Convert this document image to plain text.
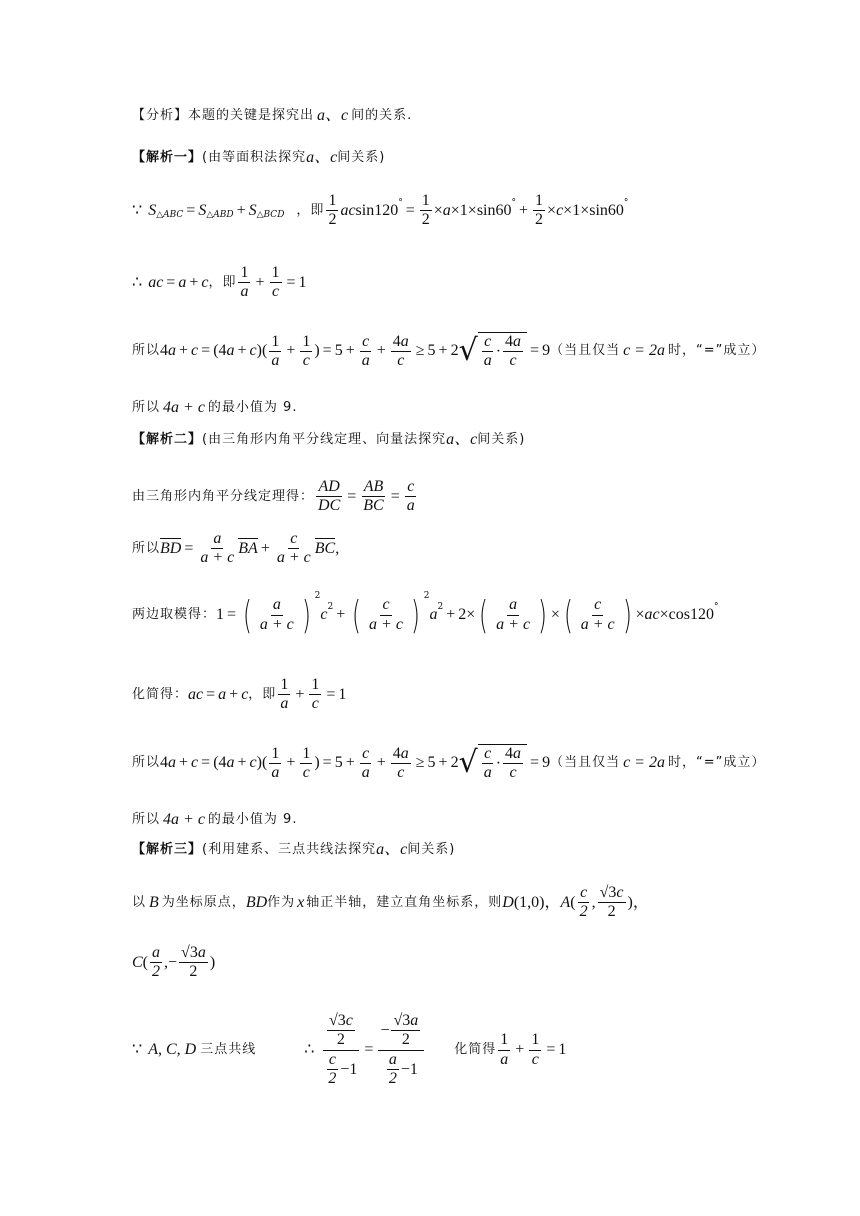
【分析】 本题的关键是探究出 a、c 间的关系.
【解析一】 (由等面积法探究 a、c 间关系)
∵ S △ABC = S △ABD + S △BCD ，即 $\frac{1}{2}$ ac sin120 ° = $\frac{1}{2} \times a \times 1\times\sin 60$ ° + $\frac{1}{2} \times c \times 1\times\sin 60$ °
∴ ac = a + c ，即 $\frac{1}{a} + \frac{1}{c} = 1$
所以 4 a + c = (4 a + c )( $\frac{1}{a} + \frac{1}{c}$ ) = $5 + \frac{c}{a} + \frac{4a}{c} \ge 5 + 2$ √ $\frac{c}{a} \cdot \frac{4a}{c} = 9$ （当且仅当 c = 2a 时，“=”成立）
所以 4a + c 的最小值为 9.
【解析二】 (由三角形内角平分线定理、向量法探究 a、c 间关系)
由三角形内角平分线定理得： $\frac{AD}{DC} = \frac{AB}{BC} = \frac{c}{a}$
所以 BD = $\frac{a}{a + c}$ BA + $\frac{c}{a + c}$ BC ,
两边取模得： 1 = ( $\frac{a}{a + c}$ ) 2
c 2 + ( $\frac{c}{a + c}$ ) 2
a 2 + 2× ( $\frac{a}{a + c}$ ) × ( $\frac{c}{a + c}$ ) × ac ×cos120 °
化简得： ac = a + c ，即 $\frac{1}{a} + \frac{1}{c} = 1$
所以 4 a + c = (4 a + c )( $\frac{1}{a} + \frac{1}{c}$ ) = $5 + \frac{c}{a} + \frac{4a}{c} \ge 5 + 2$ √ $\frac{c}{a} \cdot \frac{4a}{c} = 9$ （当且仅当 c = 2a 时，“=”成立）
所以 4a + c 的最小值为 9.
【解析三】 (利用建系、三点共线法探究 a、c 间关系)
以 B 为坐标原点， BD 作为 x 轴正半轴，建立直角坐标系，则 D (1,0) ， A ( $\frac{c}{2}$ , $\frac{√3c}{2}$ ) ，
C ( $\frac{a}{2}$ ,− $\frac{√3a}{2}$ )
∵ A, C, D 三点共线	∴ $\frac{\frac{√3c}{2}}{\frac{c}{2} -1} = \frac{- \frac{√3a}{2}}{\frac{a}{2} -1}$ 化简得 $\frac{1}{a} + \frac{1}{c} = 1$
